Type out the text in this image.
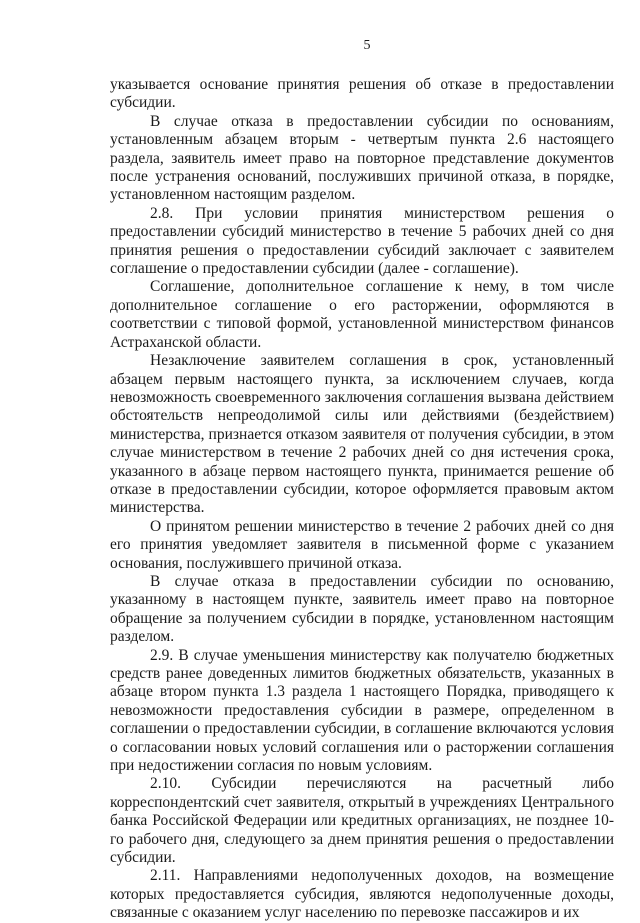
5

указывается основание принятия решения об отказе в предоставлении субсидии.

В случае отказа в предоставлении субсидии по основаниям, установленным абзацем вторым - четвертым пункта 2.6 настоящего раздела, заявитель имеет право на повторное представление документов после устранения оснований, послуживших причиной отказа, в порядке, установленном настоящим разделом.

2.8. При условии принятия министерством решения о предоставлении субсидий министерство в течение 5 рабочих дней со дня принятия решения о предоставлении субсидий заключает с заявителем соглашение о предоставлении субсидии (далее - соглашение).

Соглашение, дополнительное соглашение к нему, в том числе дополнительное соглашение о его расторжении, оформляются в соответствии с типовой формой, установленной министерством финансов Астраханской области.

Незаключение заявителем соглашения в срок, установленный абзацем первым настоящего пункта, за исключением случаев, когда невозможность своевременного заключения соглашения вызвана действием обстоятельств непреодолимой силы или действиями (бездействием) министерства, признается отказом заявителя от получения субсидии, в этом случае министерством в течение 2 рабочих дней со дня истечения срока, указанного в абзаце первом настоящего пункта, принимается решение об отказе в предоставлении субсидии, которое оформляется правовым актом министерства.

О принятом решении министерство в течение 2 рабочих дней со дня его принятия уведомляет заявителя в письменной форме с указанием основания, послужившего причиной отказа.

В случае отказа в предоставлении субсидии по основанию, указанному в настоящем пункте, заявитель имеет право на повторное обращение за получением субсидии в порядке, установленном настоящим разделом.

2.9. В случае уменьшения министерству как получателю бюджетных средств ранее доведенных лимитов бюджетных обязательств, указанных в абзаце втором пункта 1.3 раздела 1 настоящего Порядка, приводящего к невозможности предоставления субсидии в размере, определенном в соглашении о предоставлении субсидии, в соглашение включаются условия о согласовании новых условий соглашения или о расторжении соглашения при недостижении согласия по новым условиям.

2.10. Субсидии перечисляются на расчетный либо корреспондентский счет заявителя, открытый в учреждениях Центрального банка Российской Федерации или кредитных организациях, не позднее 10-го рабочего дня, следующего за днем принятия решения о предоставлении субсидии.

2.11. Направлениями недополученных доходов, на возмещение которых предоставляется субсидия, являются недополученные доходы, связанные с оказанием услуг населению по перевозке пассажиров и их
